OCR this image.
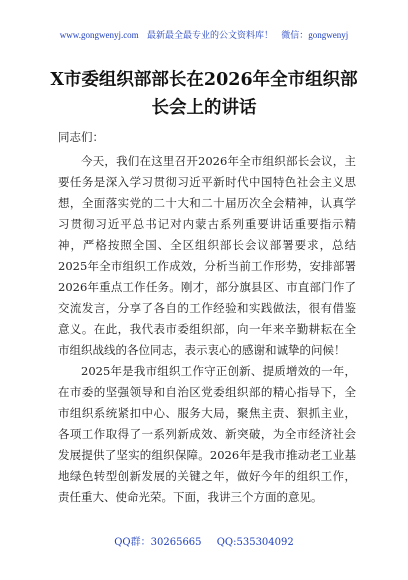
www.gongwenyj.com 最新最全最专业的公文资料库！ 微信：gongwenyj
X市委组织部部长在2026年全市组织部
长会上的讲话
同志们：

今天，我们在这里召开2026年全市组织部长会议，主要任务是深入学习贯彻习近平新时代中国特色社会主义思想，全面落实党的二十大和二十届历次全会精神，认真学习贯彻习近平总书记对内蒙古系列重要讲话重要指示精神，严格按照全国、全区组织部长会议部署要求，总结2025年全市组织工作成效，分析当前工作形势，安排部署2026年重点工作任务。刚才，部分旗县区、市直部门作了交流发言，分享了各自的工作经验和实践做法，很有借鉴意义。在此，我代表市委组织部，向一年来辛勤耕耘在全市组织战线的各位同志，表示衷心的感谢和诚挚的问候！

2025年是我市组织工作守正创新、提质增效的一年，在市委的坚强领导和自治区党委组织部的精心指导下，全市组织系统紧扣中心、服务大局，聚焦主责、狠抓主业，各项工作取得了一系列新成效、新突破，为全市经济社会发展提供了坚实的组织保障。2026年是我市推动老工业基地绿色转型创新发展的关键之年，做好今年的组织工作，责任重大、使命光荣。下面，我讲三个方面的意见。

QQ群：30265665 QQ:535304092
